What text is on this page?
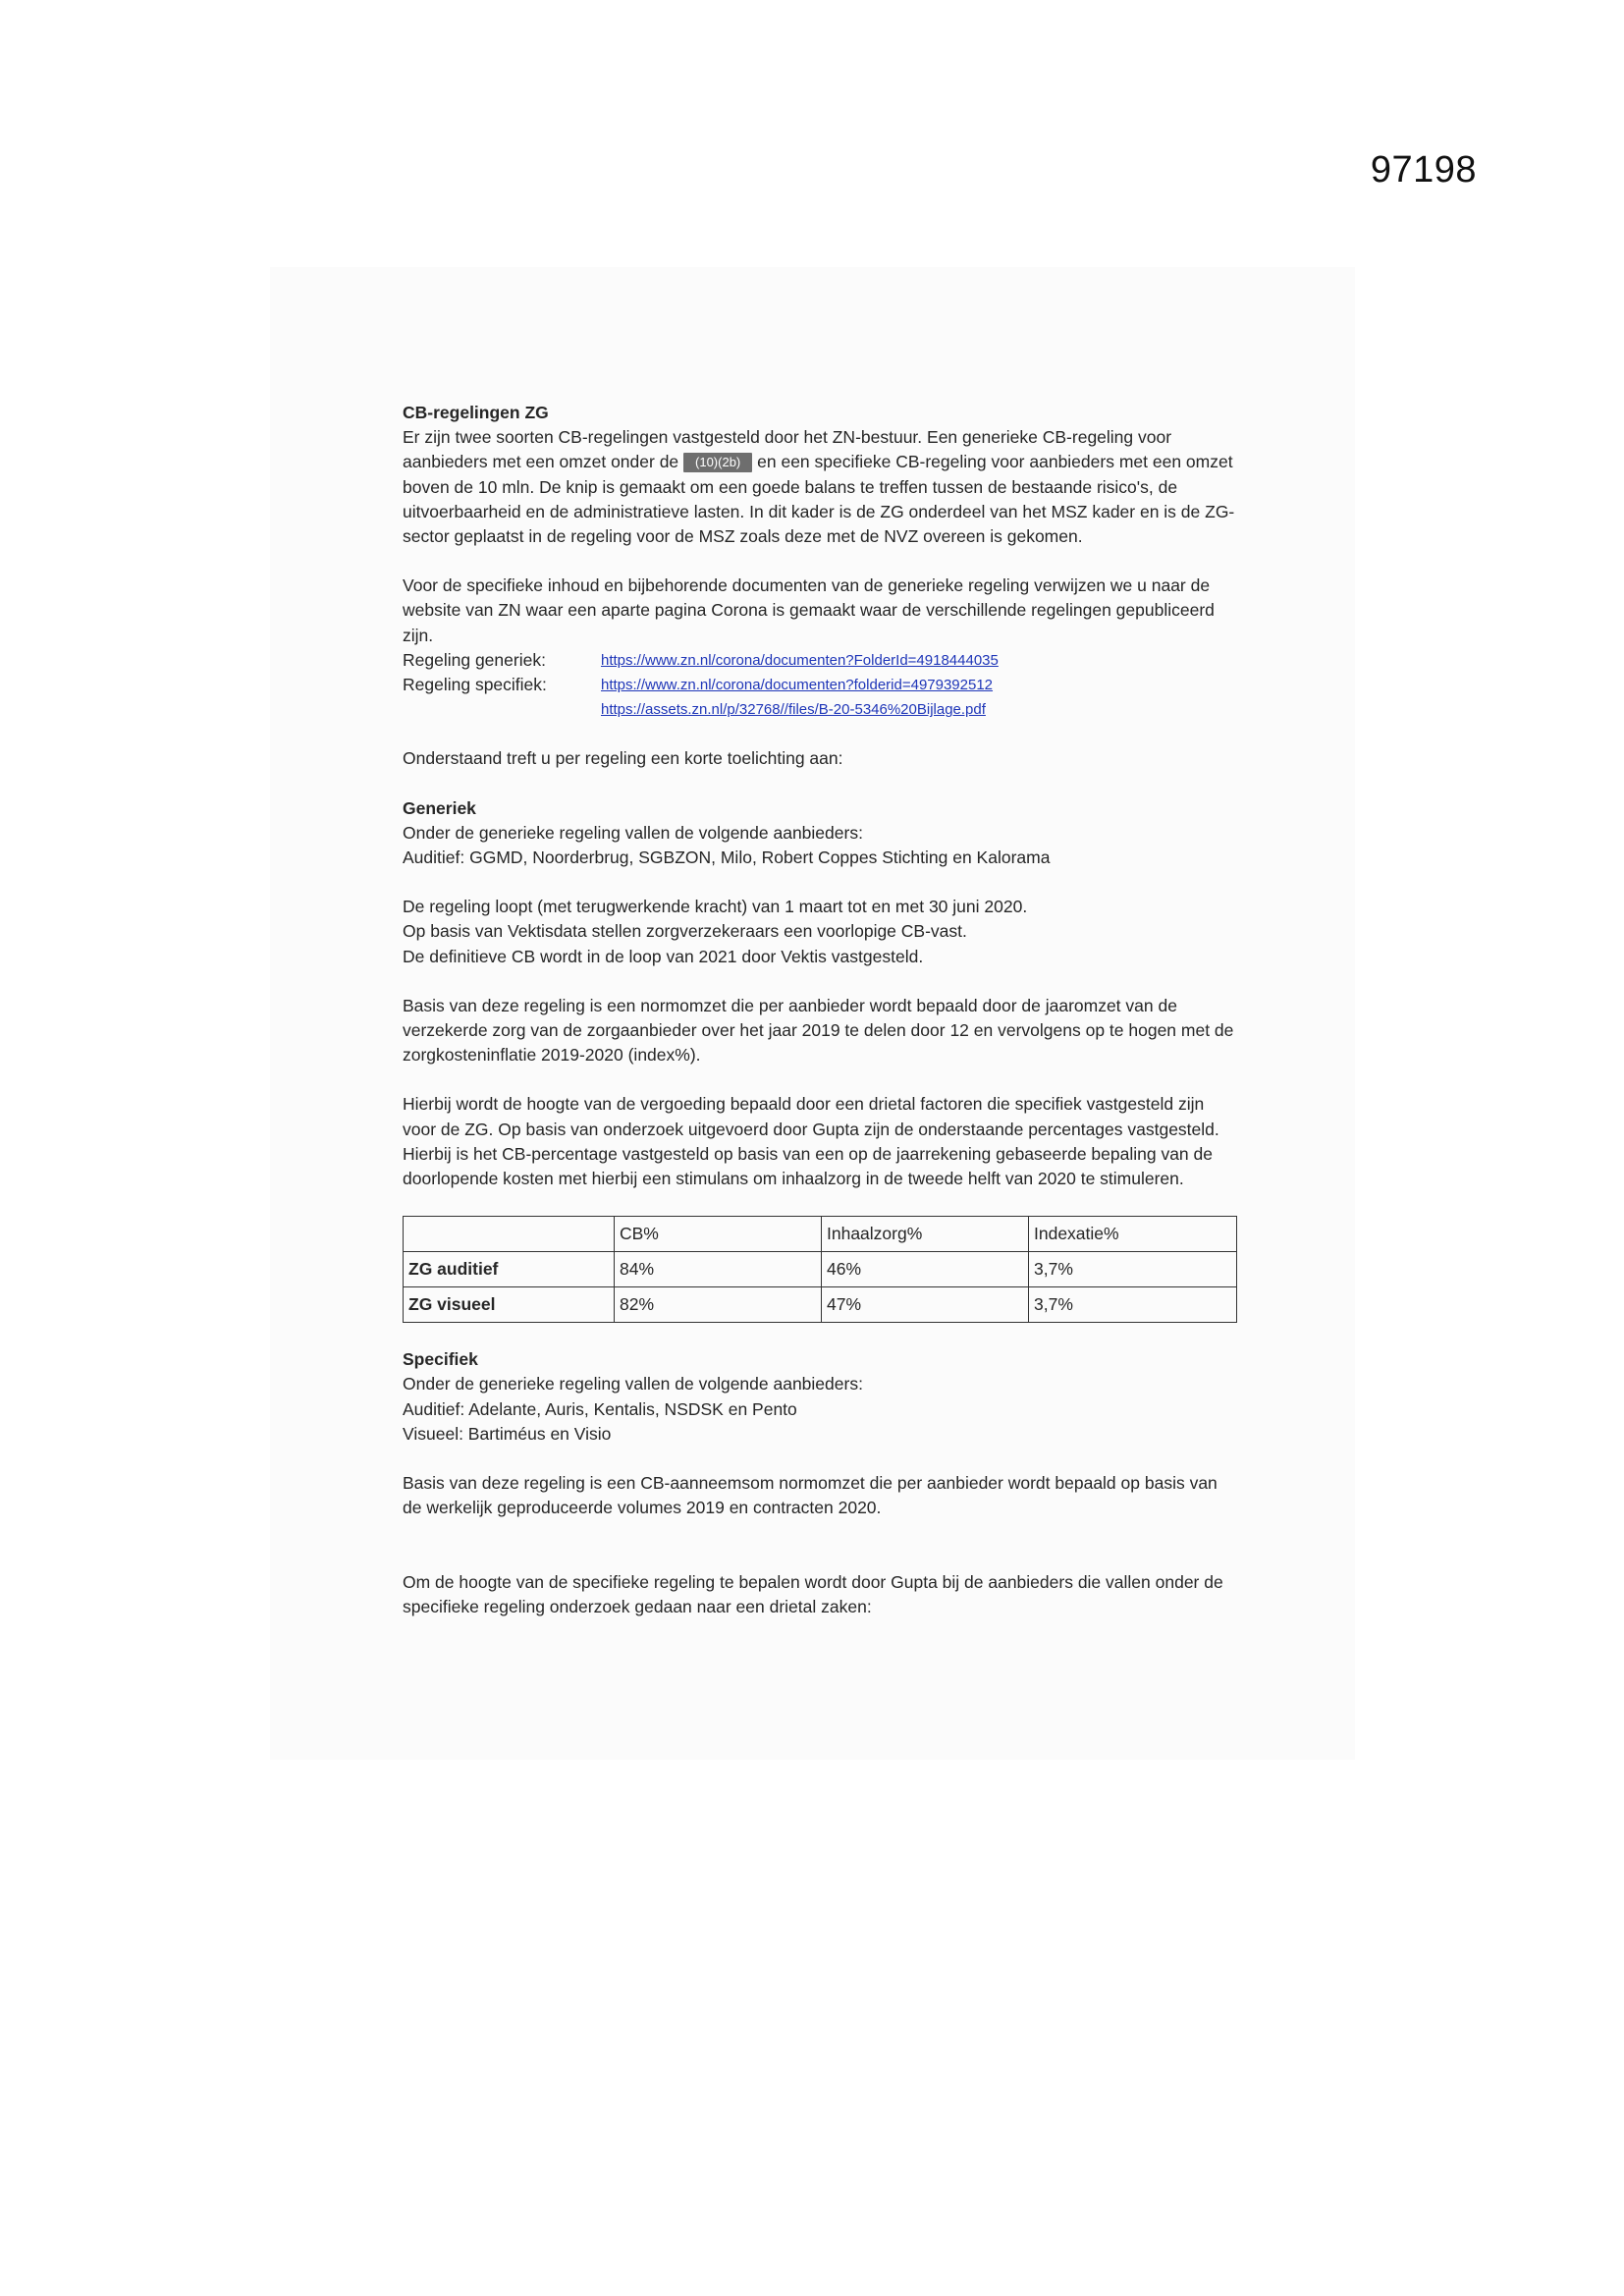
97198

CB-regelingen ZG

Er zijn twee soorten CB-regelingen vastgesteld door het ZN-bestuur. Een generieke CB-regeling voor aanbieders met een omzet onder de (10)(2b) en een specifieke CB-regeling voor aanbieders met een omzet boven de 10 mln. De knip is gemaakt om een goede balans te treffen tussen de bestaande risico's, de uitvoerbaarheid en de administratieve lasten. In dit kader is de ZG onderdeel van het MSZ kader en is de ZG-sector geplaatst in de regeling voor de MSZ zoals deze met de NVZ overeen is gekomen.

Voor de specifieke inhoud en bijbehorende documenten van de generieke regeling verwijzen we u naar de website van ZN waar een aparte pagina Corona is gemaakt waar de verschillende regelingen gepubliceerd zijn.

Regeling generiek:	https://www.zn.nl/corona/documenten?FolderId=4918444035
Regeling specifiek:	https://www.zn.nl/corona/documenten?folderid=4979392512
https://assets.zn.nl/p/32768//files/B-20-5346%20Bijlage.pdf

Onderstaand treft u per regeling een korte toelichting aan:

Generiek

Onder de generieke regeling vallen de volgende aanbieders:

Auditief: GGMD, Noorderbrug, SGBZON, Milo, Robert Coppes Stichting en Kalorama

De regeling loopt (met terugwerkende kracht) van 1 maart tot en met 30 juni 2020.

Op basis van Vektisdata stellen zorgverzekeraars een voorlopige CB-vast.

De definitieve CB wordt in de loop van 2021 door Vektis vastgesteld.

Basis van deze regeling is een normomzet die per aanbieder wordt bepaald door de jaaromzet van de verzekerde zorg van de zorgaanbieder over het jaar 2019 te delen door 12 en vervolgens op te hogen met de zorgkosteninflatie 2019-2020 (index%).

Hierbij wordt de hoogte van de vergoeding bepaald door een drietal factoren die specifiek vastgesteld zijn voor de ZG. Op basis van onderzoek uitgevoerd door Gupta zijn de onderstaande percentages vastgesteld. Hierbij is het CB-percentage vastgesteld op basis van een op de jaarrekening gebaseerde bepaling van de doorlopende kosten met hierbij een stimulans om inhaalzorg in de tweede helft van 2020 te stimuleren.

	CB%	Inhaalzorg%	Indexatie%
ZG auditief	84%	46%	3,7%
ZG visueel	82%	47%	3,7%

Specifiek

Onder de generieke regeling vallen de volgende aanbieders:

Auditief: Adelante, Auris, Kentalis, NSDSK en Pento

Visueel: Bartiméus en Visio

Basis van deze regeling is een CB-aanneemsom normomzet die per aanbieder wordt bepaald op basis van de werkelijk geproduceerde volumes 2019 en contracten 2020.

Om de hoogte van de specifieke regeling te bepalen wordt door Gupta bij de aanbieders die vallen onder de specifieke regeling onderzoek gedaan naar een drietal zaken:
